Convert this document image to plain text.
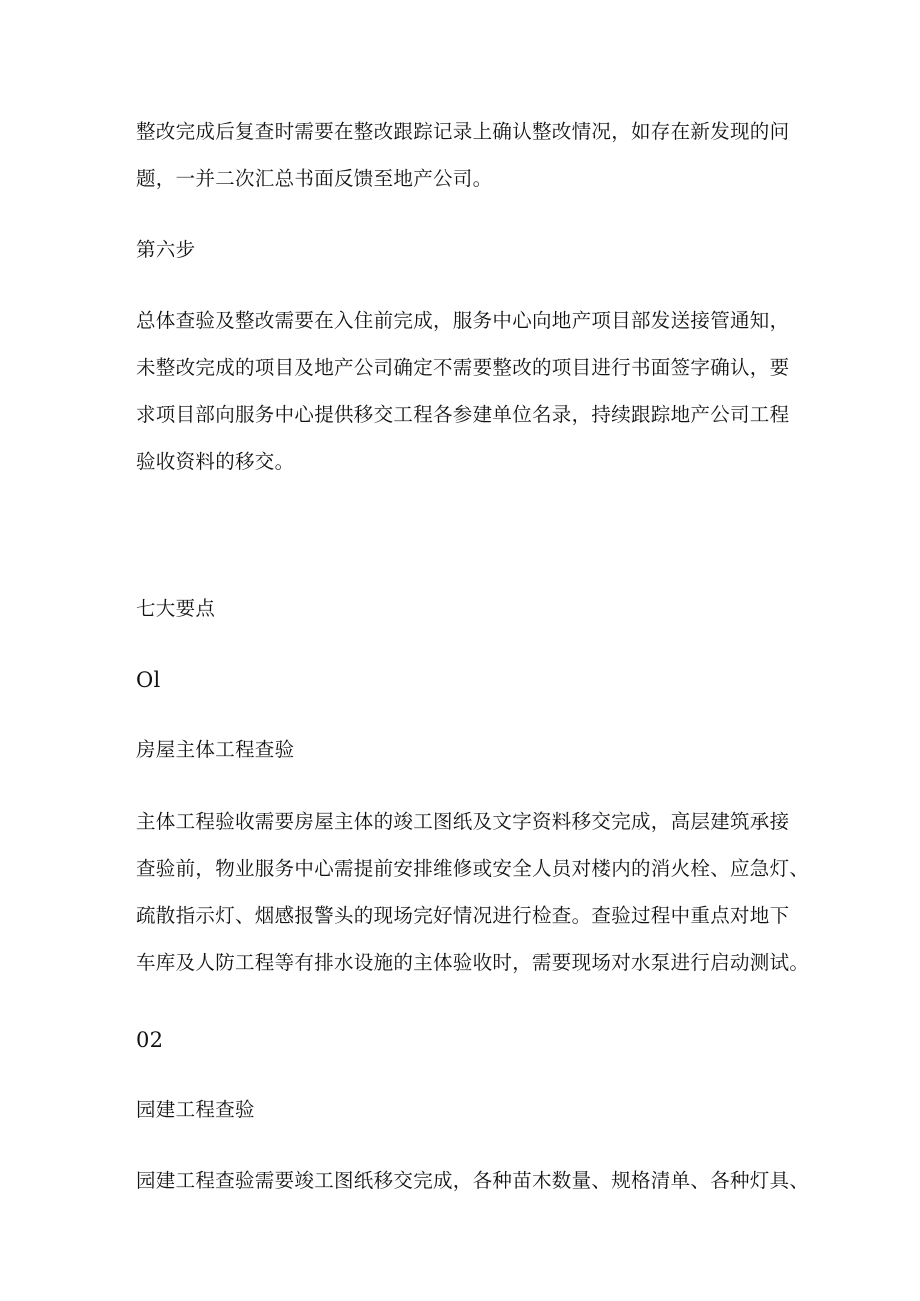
整改完成后复查时需要在整改跟踪记录上确认整改情况，如存在新发现的问
题，一并二次汇总书面反馈至地产公司。
第六步
总体查验及整改需要在入住前完成，服务中心向地产项目部发送接管通知，
未整改完成的项目及地产公司确定不需要整改的项目进行书面签字确认，要
求项目部向服务中心提供移交工程各参建单位名录，持续跟踪地产公司工程
验收资料的移交。
七大要点
Ol
房屋主体工程查验
主体工程验收需要房屋主体的竣工图纸及文字资料移交完成，高层建筑承接
查验前，物业服务中心需提前安排维修或安全人员对楼内的消火栓、应急灯、
疏散指示灯、烟感报警头的现场完好情况进行检查。查验过程中重点对地下
车库及人防工程等有排水设施的主体验收时，需要现场对水泵进行启动测试。
02
园建工程查验
园建工程查验需要竣工图纸移交完成，各种苗木数量、规格清单、各种灯具、
